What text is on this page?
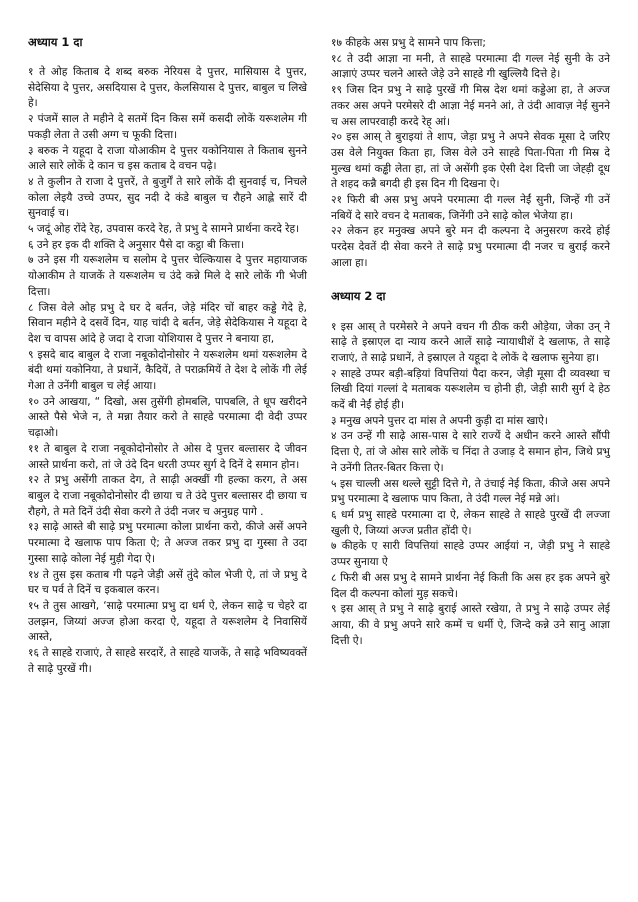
अध्याय 1 दा

१ ते ओह किताब दे शब्द बरुक नेरियस दे पुत्तर, मासियास दे पुत्तर, सेदेसिया दे पुत्तर, असदियास दे पुत्तर, केलसियास दे पुत्तर, बाबुल च लिखे हे।

२ पंजमें साल ते महीने दे सतमें दिन किस समें कसदी लोकें यरूशलेम गी पकड़ी लेता ते उसी अग्ग च फूकी दित्ता।

३ बरुक ने यहूदा दे राजा योआकीम दे पुत्तर यकोनियास ते किताब सुनने आले सारे लोकें दे कान च इस कताब दे वचन पढ़े।

४ ते कुलीन ते राजा दे पुत्तरें, ते बुजुर्गें ते सारे लोकें दी सुनवाई च, निचले कोला लेइयै उच्चे उप्पर, सुद नदी दे कंडे बाबुल च रौहने आह्ले सारें दी सुनवाई च।

५ जदूं ओह रोंदे रेह, उपवास करदे रेह, ते प्रभु दे सामने प्रार्थना करदे रेह।

६ उने हर इक दी शक्ति दे अनुसार पैसे दा कट्ठा बी कित्ता।

७ उने इस गी यरूशलेम च सलोम दे पुत्तर चेल्कियास दे पुत्तर महायाजक योआकीम ते याजकें ते यरूशलेम च उंदे कन्ने मिले दे सारे लोकें गी भेजी दित्ता।

८ जिस वेले ओह प्रभु दे घर दे बर्तन, जेड़े मंदिर चों बाहर कड्डे गेदे हे, सिवान महीने दे दसवें दिन, याह चांदी दे बर्तन, जेड़े सेदेकियास ने यहूदा दे देश च वापस आंदे हे जदा दे राजा योशियास दे पुत्तर ने बनाया हा,

९ इसदे बाद बाबुल दे राजा नबूकोदोनोसोर ने यरूशलेम थमां यरूशलेम दे बंदी थमां यकोनिया, ते प्रधानें, कैदियें, ते पराक्रमियें ते देश दे लोकें गी लेई गेआ ते उनेंगी बाबुल च लेई आया।

१० उने आखया, “ दिखो, अस तुसेंगी होमबलि, पापबलि, ते धूप खरीदने आस्ते पैसे भेजे न, ते मन्ना तैयार करो ते साह्डे परमात्मा दी वेदी उप्पर चढ़ाओ।

११ ते बाबुल दे राजा नबूकोदोनोसोर ते ओस दे पुत्तर बल्तासर दे जीवन आस्ते प्रार्थना करो, तां जे उंदे दिन धरती उप्पर सुर्ग दे दिनें दे समान होन।

१२ ते प्रभु असेंगी ताकत देग, ते साढ़ी अक्खीं गी हल्का करग, ते अस बाबुल दे राजा नबूकोदोनोसोर दी छाया च ते उंदे पुत्तर बल्तासर दी छाया च रौहगे, ते मते दिनें उंदी सेवा करगे ते उंदी नजर च अनुग्रह पागे .

१३ साढ़े आस्ते बी साढ़े प्रभु परमात्मा कोला प्रार्थना करो, कीजे असें अपने परमात्मा दे खलाफ पाप किता ऐ; ते अज्ज तकर प्रभु दा गुस्सा ते उदा गुस्सा साढ़े कोला नेई मुड़ी गेदा ऐ।

१४ ते तुस इस कताब गी पढ़ने जेड़ी असें तुंदे कोल भेजी ऐ, तां जे प्रभु दे घर च पर्व ते दिनें च इकबाल करन।

१५ ते तुस आखगे, ‘साढ़े परमात्मा प्रभु दा धर्म ऐ, लेकन साढ़े च चेहरे दा उलझन, जिय्यां अज्ज होआ करदा ऐ, यहूदा ते यरूशलेम दे निवासियें आस्ते,

१६ ते साह्डे राजाएं, ते साह्डे सरदारें, ते साह्डे याजकें, ते साढ़े भविष्यवक्तें ते साढ़े पुरखें गी।

१७ कीहके अस प्रभु दे सामने पाप कित्ता;

१८ ते उदी आज्ञा ना मनी, ते साह्डे परमात्मा दी गल्ल नेई सुनी के उने आज्ञाएं उप्पर चलने आस्ते जेड़े उने साह्डे गी खुल्लियै दित्ते हे।

१९ जिस दिन प्रभु ने साढ़े पुरखें गी मिस्र देश थमां कड्डेआ हा, ते अज्ज तकर अस अपने परमेसरे दी आज्ञा नेई मनने आं, ते उंदी आवाज़ नेई सुनने च अस लापरवाही करदे रेह् आं।

२० इस आस् ते बुराइयां ते शाप, जेड़ा प्रभु ने अपने सेवक मूसा दे जरिए उस वेले नियुक्त किता हा, जिस वेले उने साह्डे पिता-पिता गी मिस्र दे मुल्ख थमां कड्ढी लेता हा, तां जे असेंगी इक ऐसी देश दित्ती जा जेह्ड़ी दूध ते शहद कन्नै बगदी ही इस दिन गी दिखना ऐ।

२१ फिरी बी अस प्रभु अपने परमात्मा दी गल्ल नेईं सुनी, जिन्हें गी उनें नबियें दे सारे वचन दे मताबक, जिनेंगी उने साढ़े कोल भेजेया हा।

२२ लेकन हर मनुक्ख अपने बुरे मन दी कल्पना दे अनुसरण करदे होई परदेस देवतें दी सेवा करने ते साढ़े प्रभु परमात्मा दी नजर च बुराई करने आला हा।

अध्याय 2 दा

१ इस आस् ते परमेसरे ने अपने वचन गी ठीक करी ओड़ेया, जेका उन् ने साढ़े ते इस्राएल दा न्याय करने आलें साढ़े न्यायाधीशें दे खलाफ, ते साढ़े राजाएं, ते साढ़े प्रधानें, ते इस्राएल ते यहूदा दे लोकें दे खलाफ सुनेया हा।

२ साह्डे उप्पर बड़ी-बड़ियां विपत्तियां पैदा करन, जेड़ी मूसा दी व्यवस्था च लिखी दियां गल्लां दे मताबक यरूशलेम च होनी ही, जेड़ी सारी सुर्ग दे हेठ कदें बी नेईं होई ही।

३ मनुख अपने पुत्तर दा मांस ते अपनी कुड़ी दा मांस खाऐ।

४ उन उन्हें गी साढ़े आस-पास दे सारे राज्यें दे अधीन करने आस्ते सौंपी दित्ता ऐ, तां जे ओस सारे लोकें च निंदा ते उजाड़ दे समान होन, जिथे प्रभु ने उनेंगी तितर-बितर कित्ता ऐ।

५ इस चाल्ली अस थल्ले सुट्टी दित्ते गे, ते उंचाई नेई किता, कीजे अस अपने प्रभु परमात्मा दे खलाफ पाप किता, ते उंदी गल्ल नेई मन्ने आं।

६ धर्म प्रभु साह्डे परमात्मा दा ऐ, लेकन साह्डे ते साह्डे पुरखें दी लज्जा खुली ऐ, जिय्यां अज्ज प्रतीत होंदी ऐ।

७ कीहके ए सारी विपत्तियां साह्डे उप्पर आईयां न, जेड़ी प्रभु ने साह्डे उप्पर सुनाया ऐ

८ फिरी बी अस प्रभु दे सामने प्रार्थना नेई किती कि अस हर इक अपने बुरे दिल दी कल्पना कोलां मुड़ सकचे।

९ इस आस् ते प्रभु ने साढ़े बुराई आस्ते रखेया, ते प्रभु ने साढ़े उप्पर लेई आया, की वे प्रभु अपने सारे कम्में च धर्मी ऐ, जिन्दे कन्ने उने सानु आज्ञा दित्ती ऐ।
